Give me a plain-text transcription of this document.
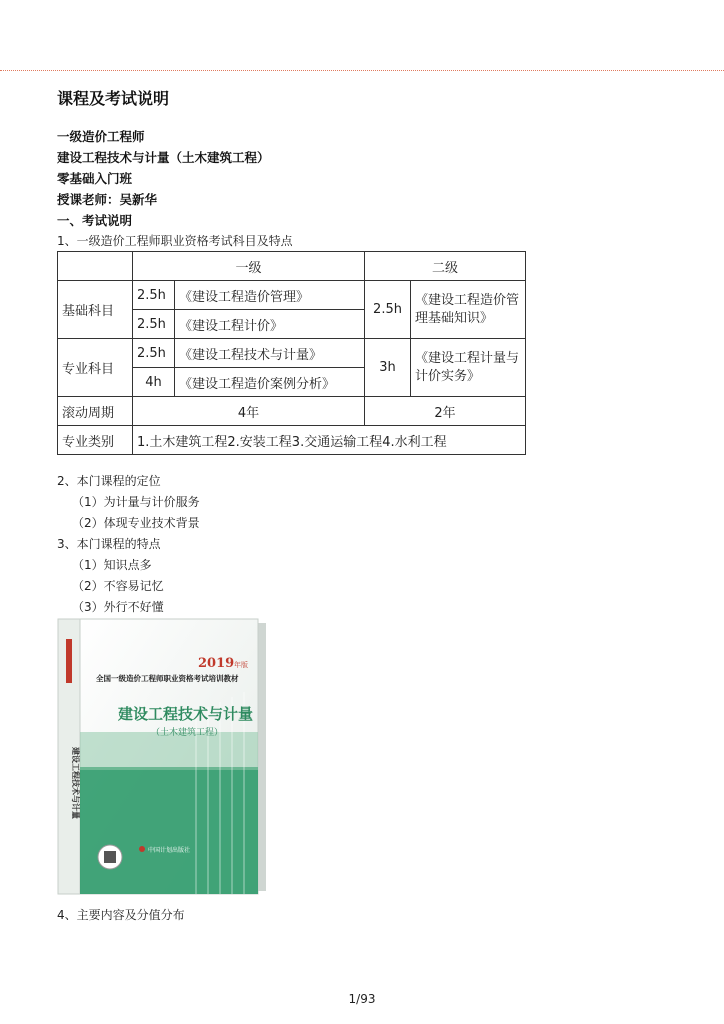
课程及考试说明
一级造价工程师
建设工程技术与计量（土木建筑工程）
零基础入门班
授课老师：吴新华
一、考试说明
1、一级造价工程师职业资格考试科目及特点
	一级		二级	
基础科目	2.5h	《建设工程造价管理》	2.5h	《建设工程造价管理基础知识》
	2.5h	《建设工程计价》		
专业科目	2.5h	《建设工程技术与计量》	3h	《建设工程计量与计价实务》
	4h	《建设工程造价案例分析》		
滚动周期	4年		2年	
专业类别	1.土木建筑工程2.安装工程3.交通运输工程4.水利工程			
2、本门课程的定位
（1）为计量与计价服务
（2）体现专业技术背景
3、本门课程的特点
（1）知识点多
（2）不容易记忆
（3）外行不好懂
2019 年版
全国一级造价工程师职业资格考试培训教材
建设工程技术与计量
（土木建筑工程）
中国计划出版社
建设工程技术与计量
4、主要内容及分值分布
1/93
